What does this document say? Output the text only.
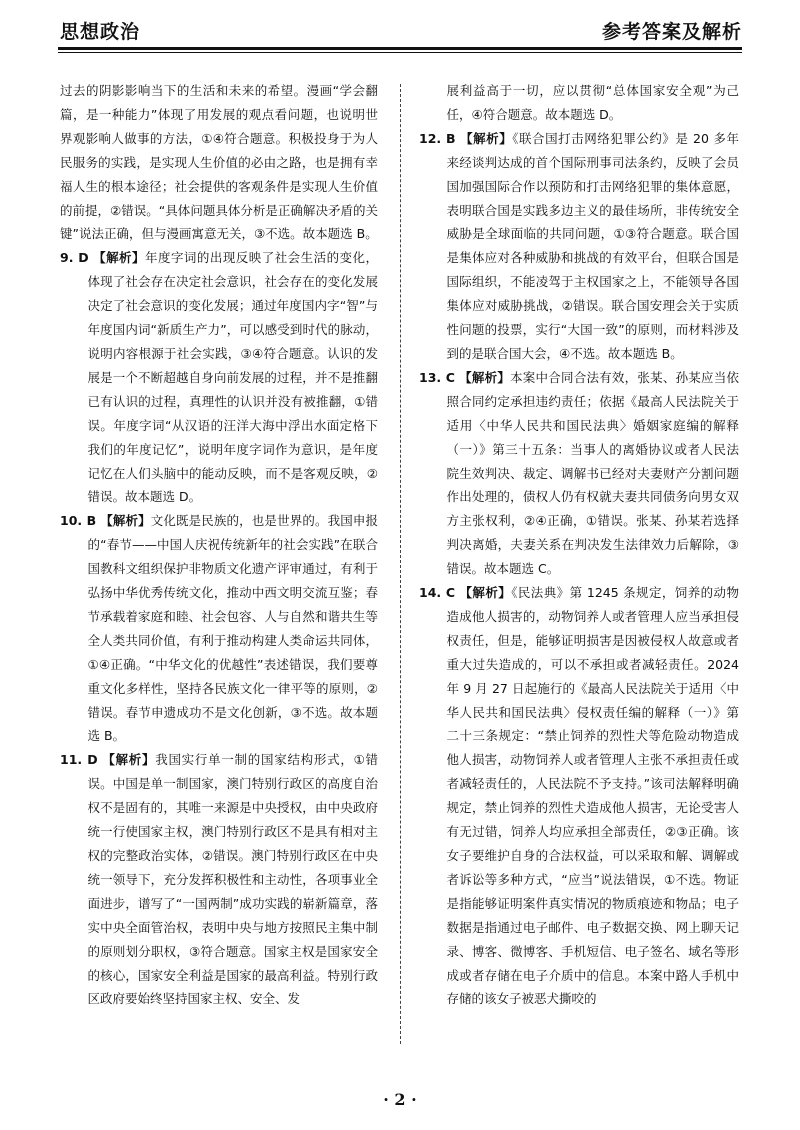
思想政治	参考答案及解析

过去的阴影影响当下的生活和未来的希望。漫画“学会翻篇，是一种能力”体现了用发展的观点看问题，也说明世界观影响人做事的方法，①④符合题意。积极投身于为人民服务的实践，是实现人生价值的必由之路，也是拥有幸福人生的根本途径；社会提供的客观条件是实现人生价值的前提，②错误。“具体问题具体分析是正确解决矛盾的关键”说法正确，但与漫画寓意无关，③不选。故本题选 B。

9. D 【解析】年度字词的出现反映了社会生活的变化，体现了社会存在决定社会意识，社会存在的变化发展决定了社会意识的变化发展；通过年度国内字“智”与年度国内词“新质生产力”，可以感受到时代的脉动，说明内容根源于社会实践，③④符合题意。认识的发展是一个不断超越自身向前发展的过程，并不是推翻已有认识的过程，真理性的认识并没有被推翻，①错误。年度字词“从汉语的汪洋大海中浮出水面定格下我们的年度记忆”，说明年度字词作为意识，是年度记忆在人们头脑中的能动反映，而不是客观反映，②错误。故本题选 D。

10. B 【解析】文化既是民族的，也是世界的。我国申报的“春节——中国人庆祝传统新年的社会实践”在联合国教科文组织保护非物质文化遗产评审通过，有利于弘扬中华优秀传统文化，推动中西文明交流互鉴；春节承载着家庭和睦、社会包容、人与自然和谐共生等全人类共同价值，有利于推动构建人类命运共同体，①④正确。“中华文化的优越性”表述错误，我们要尊重文化多样性，坚持各民族文化一律平等的原则，②错误。春节申遗成功不是文化创新，③不选。故本题选 B。

11. D 【解析】我国实行单一制的国家结构形式，①错误。中国是单一制国家，澳门特别行政区的高度自治权不是固有的，其唯一来源是中央授权，由中央政府统一行使国家主权，澳门特别行政区不是具有相对主权的完整政治实体，②错误。澳门特别行政区在中央统一领导下，充分发挥积极性和主动性，各项事业全面进步，谱写了“一国两制”成功实践的崭新篇章，落实中央全面管治权，表明中央与地方按照民主集中制的原则划分职权，③符合题意。国家主权是国家安全的核心，国家安全利益是国家的最高利益。特别行政区政府要始终坚持国家主权、安全、发

展利益高于一切，应以贯彻“总体国家安全观”为己任，④符合题意。故本题选 D。

12. B 【解析】《联合国打击网络犯罪公约》是 20 多年来经谈判达成的首个国际刑事司法条约，反映了会员国加强国际合作以预防和打击网络犯罪的集体意愿，表明联合国是实践多边主义的最佳场所，非传统安全威胁是全球面临的共同问题，①③符合题意。联合国是集体应对各种威胁和挑战的有效平台，但联合国是国际组织，不能凌驾于主权国家之上，不能领导各国集体应对威胁挑战，②错误。联合国安理会关于实质性问题的投票，实行“大国一致”的原则，而材料涉及到的是联合国大会，④不选。故本题选 B。

13. C 【解析】本案中合同合法有效，张某、孙某应当依照合同约定承担违约责任；依据《最高人民法院关于适用〈中华人民共和国民法典〉婚姻家庭编的解释（一）》第三十五条：当事人的离婚协议或者人民法院生效判决、裁定、调解书已经对夫妻财产分割问题作出处理的，债权人仍有权就夫妻共同债务向男女双方主张权利，②④正确，①错误。张某、孙某若选择判决离婚，夫妻关系在判决发生法律效力后解除，③错误。故本题选 C。

14. C 【解析】《民法典》第 1245 条规定，饲养的动物造成他人损害的，动物饲养人或者管理人应当承担侵权责任，但是，能够证明损害是因被侵权人故意或者重大过失造成的，可以不承担或者减轻责任。2024 年 9 月 27 日起施行的《最高人民法院关于适用〈中华人民共和国民法典〉侵权责任编的解释（一）》第二十三条规定：“禁止饲养的烈性犬等危险动物造成他人损害，动物饲养人或者管理人主张不承担责任或者减轻责任的，人民法院不予支持。”该司法解释明确规定，禁止饲养的烈性犬造成他人损害，无论受害人有无过错，饲养人均应承担全部责任，②③正确。该女子要维护自身的合法权益，可以采取和解、调解或者诉讼等多种方式，“应当”说法错误，①不选。物证是指能够证明案件真实情况的物质痕迹和物品；电子数据是指通过电子邮件、电子数据交换、网上聊天记录、博客、微博客、手机短信、电子签名、域名等形成或者存储在电子介质中的信息。本案中路人手机中存储的该女子被恶犬撕咬的

· 2 ·
